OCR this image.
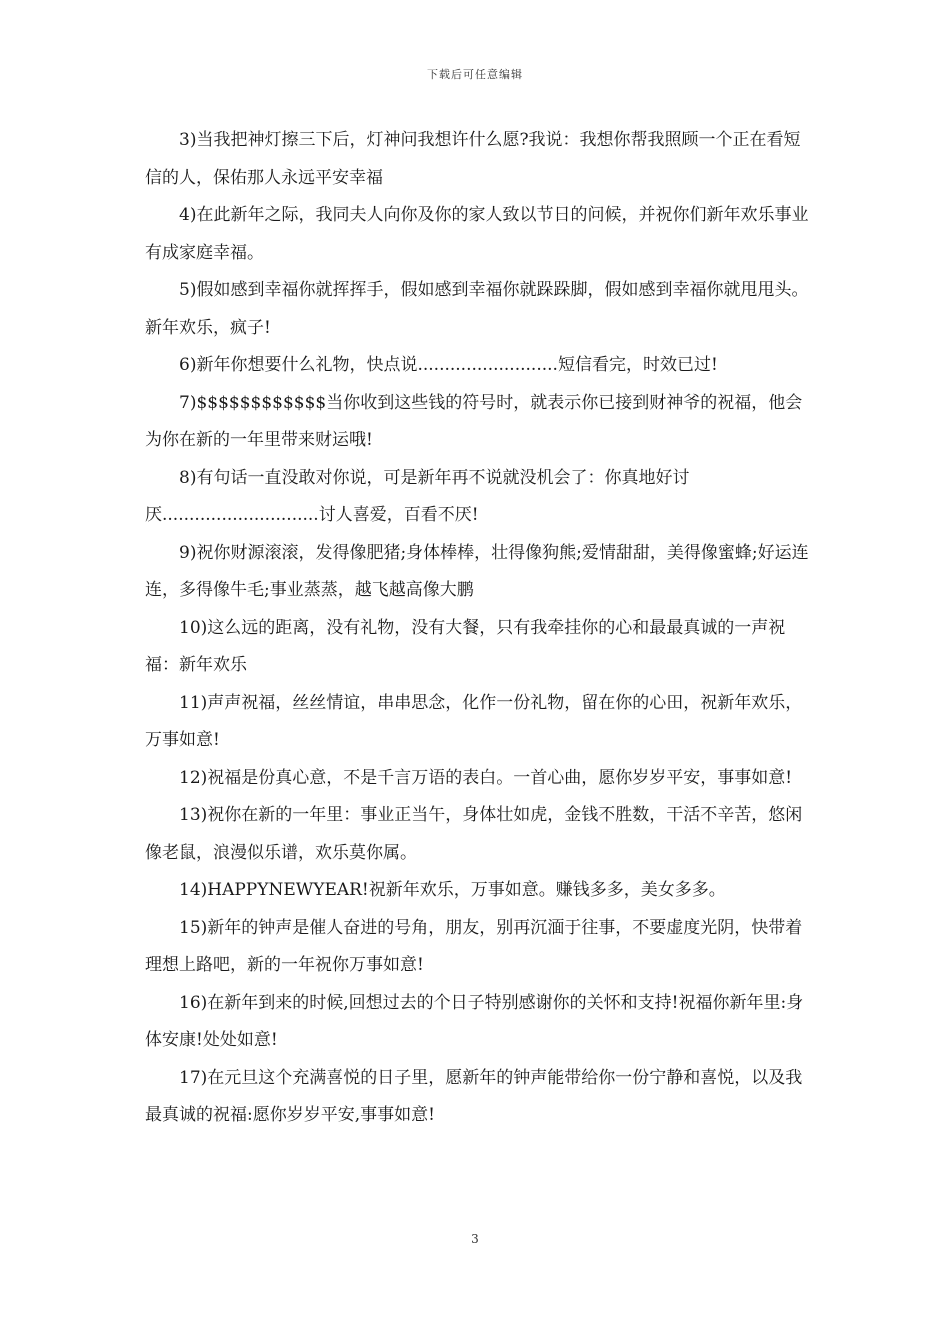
下载后可任意编辑

3)当我把神灯擦三下后，灯神问我想许什么愿?我说：我想你帮我照顾一个正在看短信的人，保佑那人永远平安幸福

4)在此新年之际，我同夫人向你及你的家人致以节日的问候，并祝你们新年欢乐事业有成家庭幸福。

5)假如感到幸福你就挥挥手，假如感到幸福你就跺跺脚，假如感到幸福你就甩甩头。新年欢乐，疯子!

6)新年你想要什么礼物，快点说..........................短信看完，时效已过!

7)$$$$$$$$$$$$当你收到这些钱的符号时，就表示你已接到财神爷的祝福，他会为你在新的一年里带来财运哦!

8)有句话一直没敢对你说，可是新年再不说就没机会了：你真地好讨厌.............................讨人喜爱，百看不厌!

9)祝你财源滚滚，发得像肥猪;身体棒棒，壮得像狗熊;爱情甜甜，美得像蜜蜂;好运连连，多得像牛毛;事业蒸蒸，越飞越高像大鹏

10)这么远的距离，没有礼物，没有大餐，只有我牵挂你的心和最最真诚的一声祝福：新年欢乐

11)声声祝福，丝丝情谊，串串思念，化作一份礼物，留在你的心田，祝新年欢乐，万事如意!

12)祝福是份真心意，不是千言万语的表白。一首心曲，愿你岁岁平安，事事如意!

13)祝你在新的一年里：事业正当午，身体壮如虎，金钱不胜数，干活不辛苦，悠闲像老鼠，浪漫似乐谱，欢乐莫你属。

14)HAPPYNEWYEAR!祝新年欢乐，万事如意。赚钱多多，美女多多。

15)新年的钟声是催人奋进的号角，朋友，别再沉湎于往事，不要虚度光阴，快带着理想上路吧，新的一年祝你万事如意!

16)在新年到来的时候,回想过去的个日子特别感谢你的关怀和支持!祝福你新年里:身体安康!处处如意!

17)在元旦这个充满喜悦的日子里，愿新年的钟声能带给你一份宁静和喜悦，以及我最真诚的祝福:愿你岁岁平安,事事如意!

3
